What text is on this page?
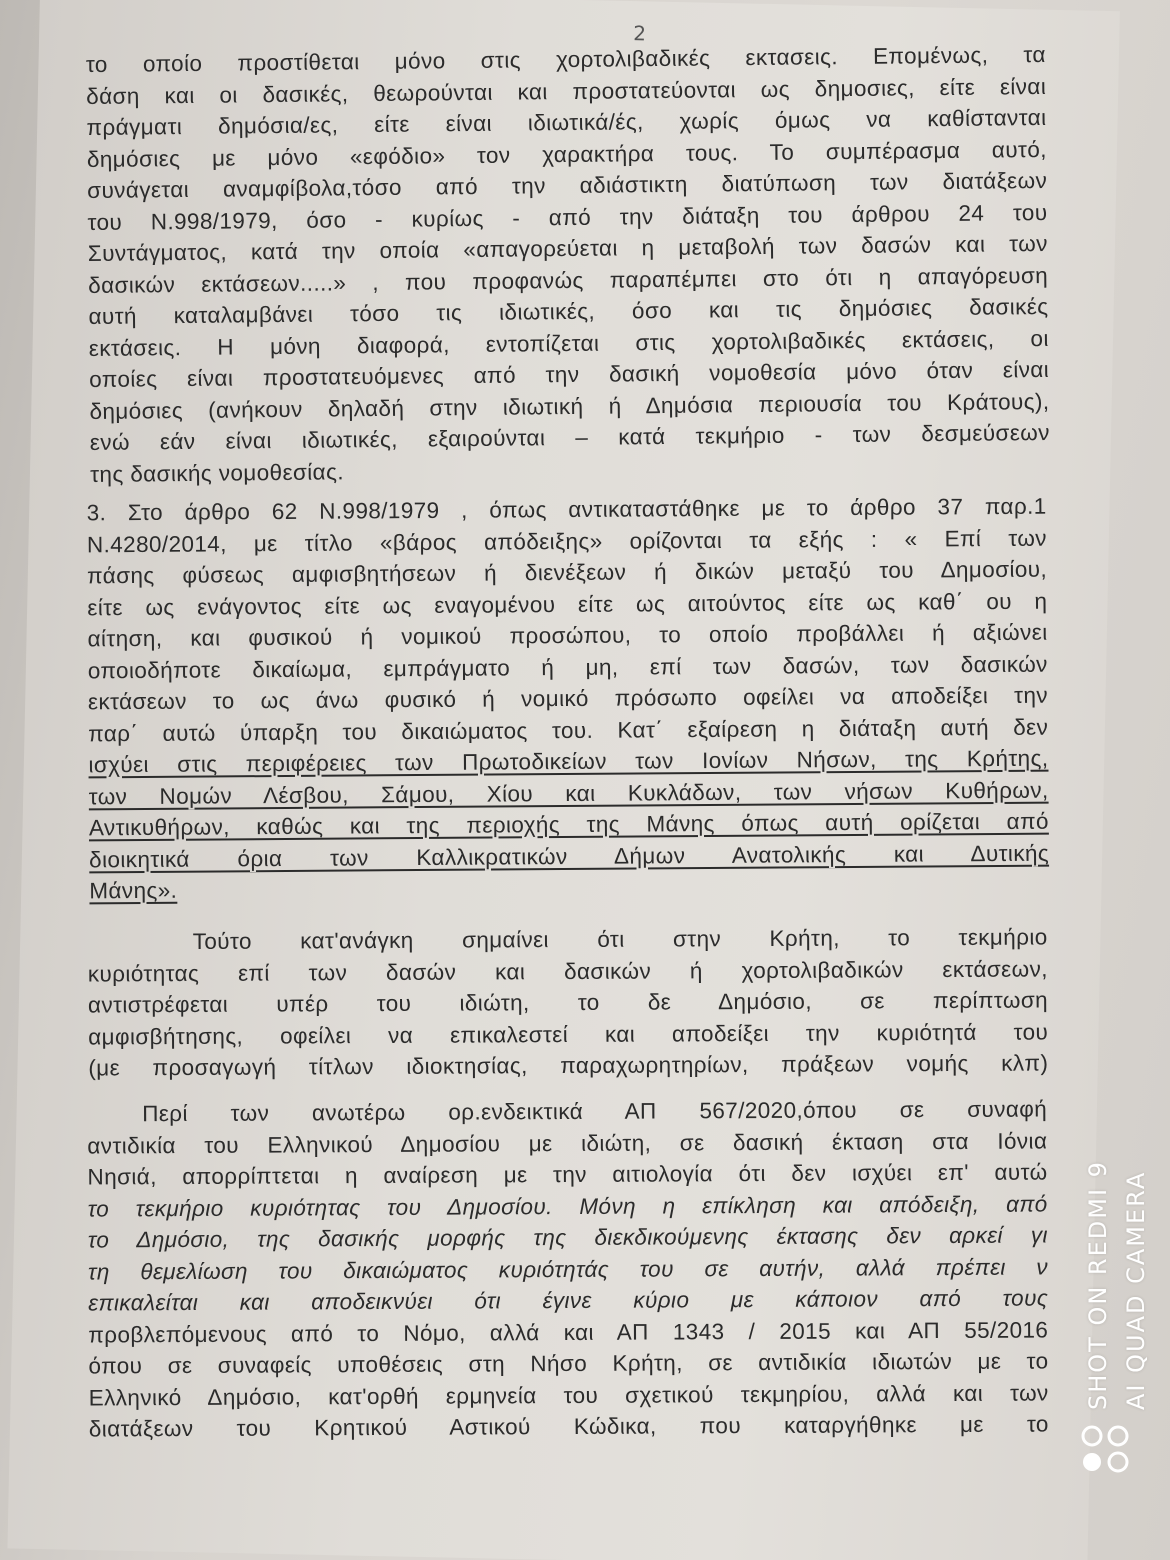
2
το οποίο προστίθεται μόνο στις χορτολιβαδικές εκτασεις. Επομένως, τα
δάση και οι δασικές, θεωρούνται και προστατεύονται ως δημοσιες, είτε είναι
πράγματι δημόσια/ες, είτε είναι ιδιωτικά/ές, χωρίς όμως να καθίστανται
δημόσιες με μόνο «εφόδιο» τον χαρακτήρα τους. Το συμπέρασμα αυτό,
συνάγεται αναμφίβολα,τόσο από την αδιάστικτη διατύπωση των διατάξεων
του Ν.998/1979, όσο - κυρίως - από την διάταξη του άρθρου 24 του
Συντάγματος, κατά την οποία «απαγορεύεται η μεταβολή των δασών και των
δασικών εκτάσεων.....» , που προφανώς παραπέμπει στο ότι η απαγόρευση
αυτή καταλαμβάνει τόσο τις ιδιωτικές, όσο και τις δημόσιες δασικές
εκτάσεις. Η μόνη διαφορά, εντοπίζεται στις χορτολιβαδικές εκτάσεις, οι
οποίες είναι προστατευόμενες από την δασική νομοθεσία μόνο όταν είναι
δημόσιες (ανήκουν δηλαδή στην ιδιωτική ή Δημόσια περιουσία του Κράτους),
ενώ εάν είναι ιδιωτικές, εξαιρούνται – κατά τεκμήριο - των δεσμεύσεων
της δασικής νομοθεσίας.
3. Στο άρθρο 62 Ν.998/1979 , όπως αντικαταστάθηκε με το άρθρο 37 παρ.1
Ν.4280/2014, με τίτλο «βάρος απόδειξης» ορίζονται τα εξής : « Επί των
πάσης φύσεως αμφισβητήσεων ή διενέξεων ή δικών μεταξύ του Δημοσίου,
είτε ως ενάγοντος είτε ως εναγομένου είτε ως αιτούντος είτε ως καθ΄ ου η
αίτηση, και φυσικού ή νομικού προσώπου, το οποίο προβάλλει ή αξιώνει
οποιοδήποτε δικαίωμα, εμπράγματο ή μη, επί των δασών, των δασικών
εκτάσεων το ως άνω φυσικό ή νομικό πρόσωπο οφείλει να αποδείξει την
παρ΄ αυτώ ύπαρξη του δικαιώματος του. Κατ΄ εξαίρεση η διάταξη αυτή δεν
ισχύει στις περιφέρειες των Πρωτοδικείων των Ιονίων Νήσων, της Κρήτης,
των Νομών Λέσβου, Σάμου, Χίου και Κυκλάδων, των νήσων Κυθήρων,
Αντικυθήρων, καθώς και της περιοχής της Μάνης όπως αυτή ορίζεται από
διοικητικά όρια των Καλλικρατικών Δήμων Ανατολικής και Δυτικής
Μάνης».
Τούτο κατ'ανάγκη σημαίνει ότι στην Κρήτη, το τεκμήριο
κυριότητας επί των δασών και δασικών ή χορτολιβαδικών εκτάσεων,
αντιστρέφεται υπέρ του ιδιώτη, το δε Δημόσιο, σε περίπτωση
αμφισβήτησης, οφείλει να επικαλεστεί και αποδείξει την κυριότητά του
(με προσαγωγή τίτλων ιδιοκτησίας, παραχωρητηρίων, πράξεων νομής κλπ)
Περί των ανωτέρω ορ.ενδεικτικά ΑΠ 567/2020,όπου σε συναφή
αντιδικία του Ελληνικού Δημοσίου με ιδιώτη, σε δασική έκταση στα Ιόνια
Νησιά, απορρίπτεται η αναίρεση με την αιτιολογία ότι δεν ισχύει επ' αυτώ
το τεκμήριο κυριότητας του Δημοσίου. Μόνη η επίκληση και απόδειξη, από
το Δημόσιο, της δασικής μορφής της διεκδικούμενης έκτασης δεν αρκεί γι
τη θεμελίωση του δικαιώματος κυριότητάς του σε αυτήν, αλλά πρέπει ν
επικαλείται και αποδεικνύει ότι έγινε κύριο με κάποιον από τους
προβλεπόμενους από το Νόμο, αλλά και ΑΠ 1343 / 2015 και ΑΠ 55/2016
όπου σε συναφείς υποθέσεις στη Νήσο Κρήτη, σε αντιδικία ιδιωτών με το
Ελληνικό Δημόσιο, κατ'ορθή ερμηνεία του σχετικού τεκμηρίου, αλλά και των
διατάξεων του Κρητικού Αστικού Κώδικα, που καταργήθηκε με το
SHOT ON REDMI 9 AI QUAD CAMERA
